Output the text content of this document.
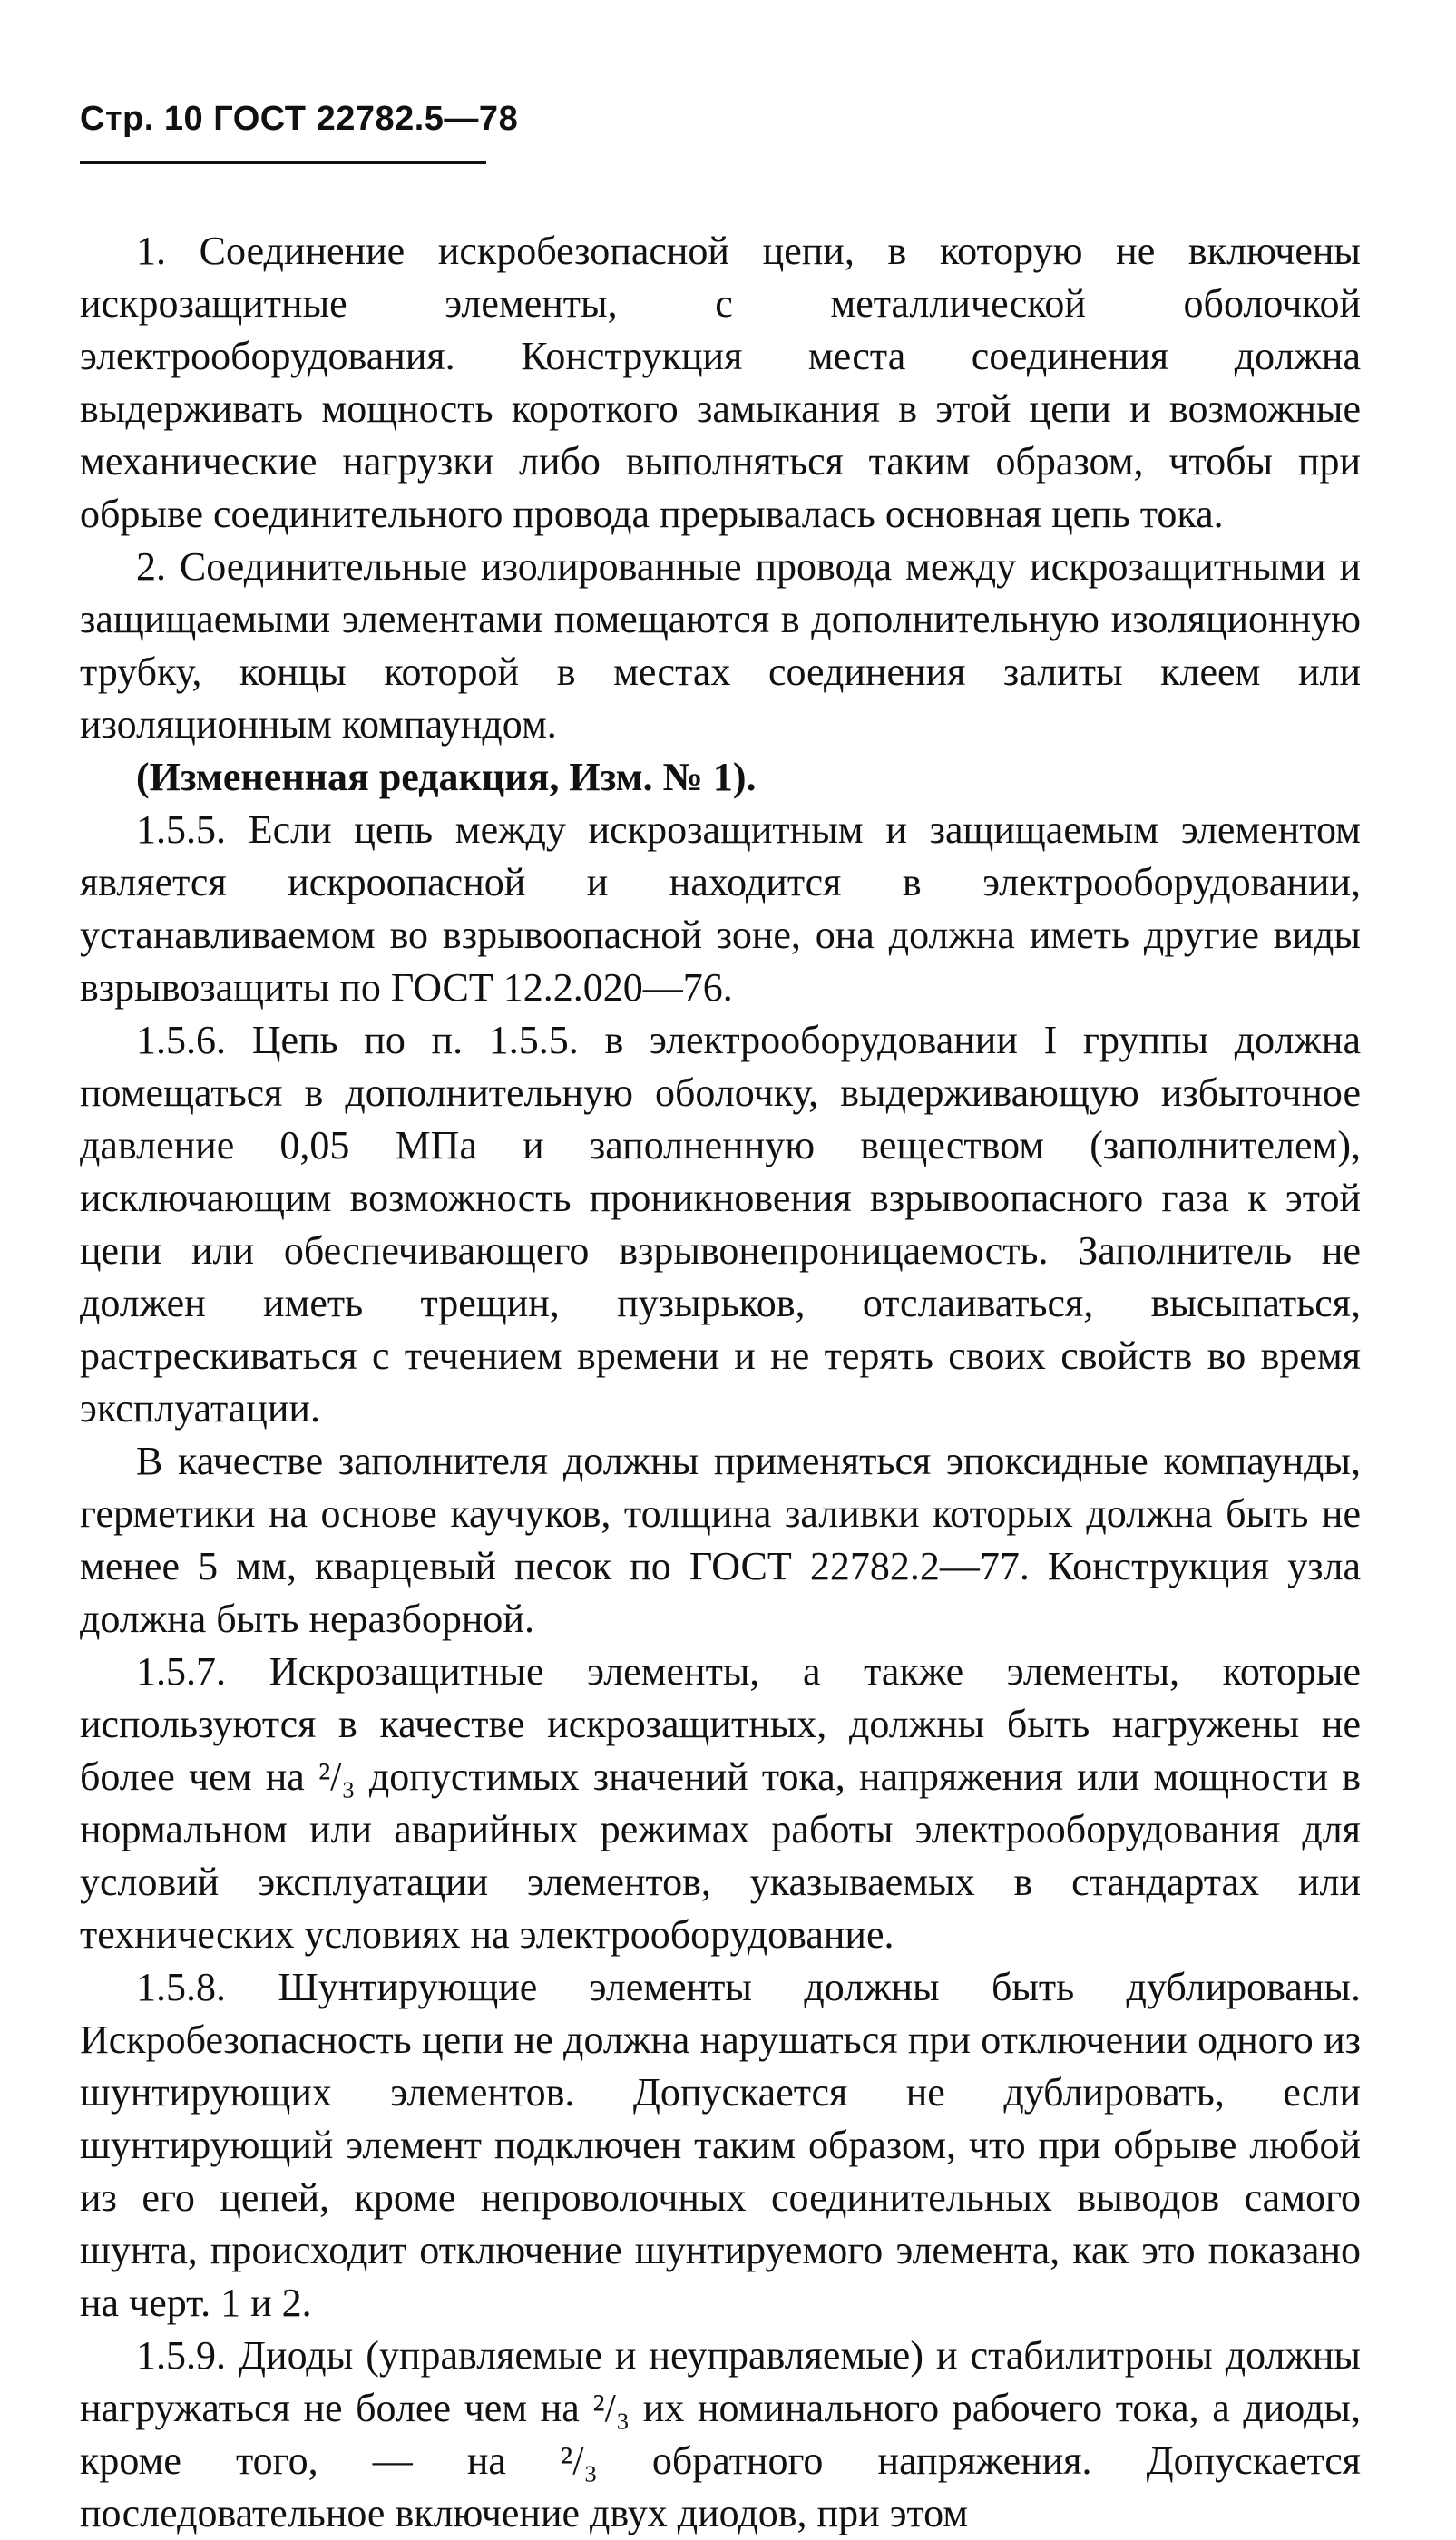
Стр. 10 ГОСТ 22782.5—78

1. Соединение искробезопасной цепи, в которую не включены искрозащитные элементы, с металлической оболочкой электрооборудования. Конструкция места соединения должна выдерживать мощность короткого замыкания в этой цепи и возможные механические нагрузки либо выполняться таким образом, чтобы при обрыве соединительного провода прерывалась основная цепь тока.

2. Соединительные изолированные провода между искрозащитными и защищаемыми элементами помещаются в дополнительную изоляционную трубку, концы которой в местах соединения залиты клеем или изоляционным компаундом.

(Измененная редакция, Изм. № 1).

1.5.5. Если цепь между искрозащитным и защищаемым элементом является искроопасной и находится в электрооборудовании, устанавливаемом во взрывоопасной зоне, она должна иметь другие виды взрывозащиты по ГОСТ 12.2.020—76.

1.5.6. Цепь по п. 1.5.5. в электрооборудовании I группы должна помещаться в дополнительную оболочку, выдерживающую избыточное давление 0,05 МПа и заполненную веществом (заполнителем), исключающим возможность проникновения взрывоопасного газа к этой цепи или обеспечивающего взрывонепроницаемость. Заполнитель не должен иметь трещин, пузырьков, отслаиваться, высыпаться, растрескиваться с течением времени и не терять своих свойств во время эксплуатации.

В качестве заполнителя должны применяться эпоксидные компаунды, герметики на основе каучуков, толщина заливки которых должна быть не менее 5 мм, кварцевый песок по ГОСТ 22782.2—77. Конструкция узла должна быть неразборной.

1.5.7. Искрозащитные элементы, а также элементы, которые используются в качестве искрозащитных, должны быть нагружены не более чем на ²/₃ допустимых значений тока, напряжения или мощности в нормальном или аварийных режимах работы электрооборудования для условий эксплуатации элементов, указываемых в стандартах или технических условиях на электрооборудование.

1.5.8. Шунтирующие элементы должны быть дублированы. Искробезопасность цепи не должна нарушаться при отключении одного из шунтирующих элементов. Допускается не дублировать, если шунтирующий элемент подключен таким образом, что при обрыве любой из его цепей, кроме непроволочных соединительных выводов самого шунта, происходит отключение шунтируемого элемента, как это показано на черт. 1 и 2.

1.5.9. Диоды (управляемые и неуправляемые) и стабилитроны должны нагружаться не более чем на ²/₃ их номинального рабочего тока, а диоды, кроме того, — на ²/₃ обратного напряжения. Допускается последовательное включение двух диодов, при этом
